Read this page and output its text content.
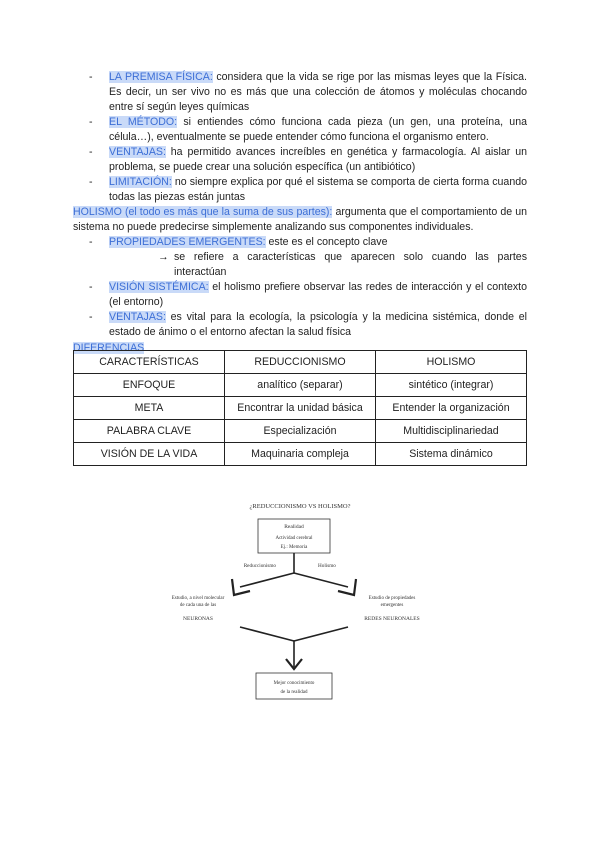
-	LA PREMISA FÍSICA: considera que la vida se rige por las mismas leyes que la Física. Es decir, un ser vivo no es más que una colección de átomos y moléculas chocando entre sí según leyes químicas
-	EL MÉTODO: si entiendes cómo funciona cada pieza (un gen, una proteína, una célula…), eventualmente se puede entender cómo funciona el organismo entero.
-	VENTAJAS: ha permitido avances increíbles en genética y farmacología. Al aislar un problema, se puede crear una solución específica (un antibiótico)
-	LIMITACIÓN: no siempre explica por qué el sistema se comporta de cierta forma cuando todas las piezas están juntas
HOLISMO (el todo es más que la suma de sus partes): argumenta que el comportamiento de un sistema no puede predecirse simplemente analizando sus componentes individuales.
-	PROPIEDADES EMERGENTES: este es el concepto clave
→ se refiere a características que aparecen solo cuando las partes interactúan
-	VISIÓN SISTÉMICA: el holismo prefiere observar las redes de interacción y el contexto (el entorno)
-	VENTAJAS: es vital para la ecología, la psicología y la medicina sistémica, donde el estado de ánimo o el entorno afectan la salud física
DIFERENCIAS
CARACTERÍSTICAS	REDUCCIONISMO	HOLISMO
ENFOQUE	analítico (separar)	sintético (integrar)
META	Encontrar la unidad básica	Entender la organización
PALABRA CLAVE	Especialización	Multidisciplinariedad
VISIÓN DE LA VIDA	Maquinaria compleja	Sistema dinámico
¿REDUCCIONISMO VS HOLISMO?
Realidad
Actividad cerebral
Ej.: Memoria
Reduccionismo	Holismo
Estudio, a nivel molecular
de cada una de las
NEURONAS
Estudio de propiedades
emergentes
REDES NEURONALES
Mejor conocimiento
de la realidad
